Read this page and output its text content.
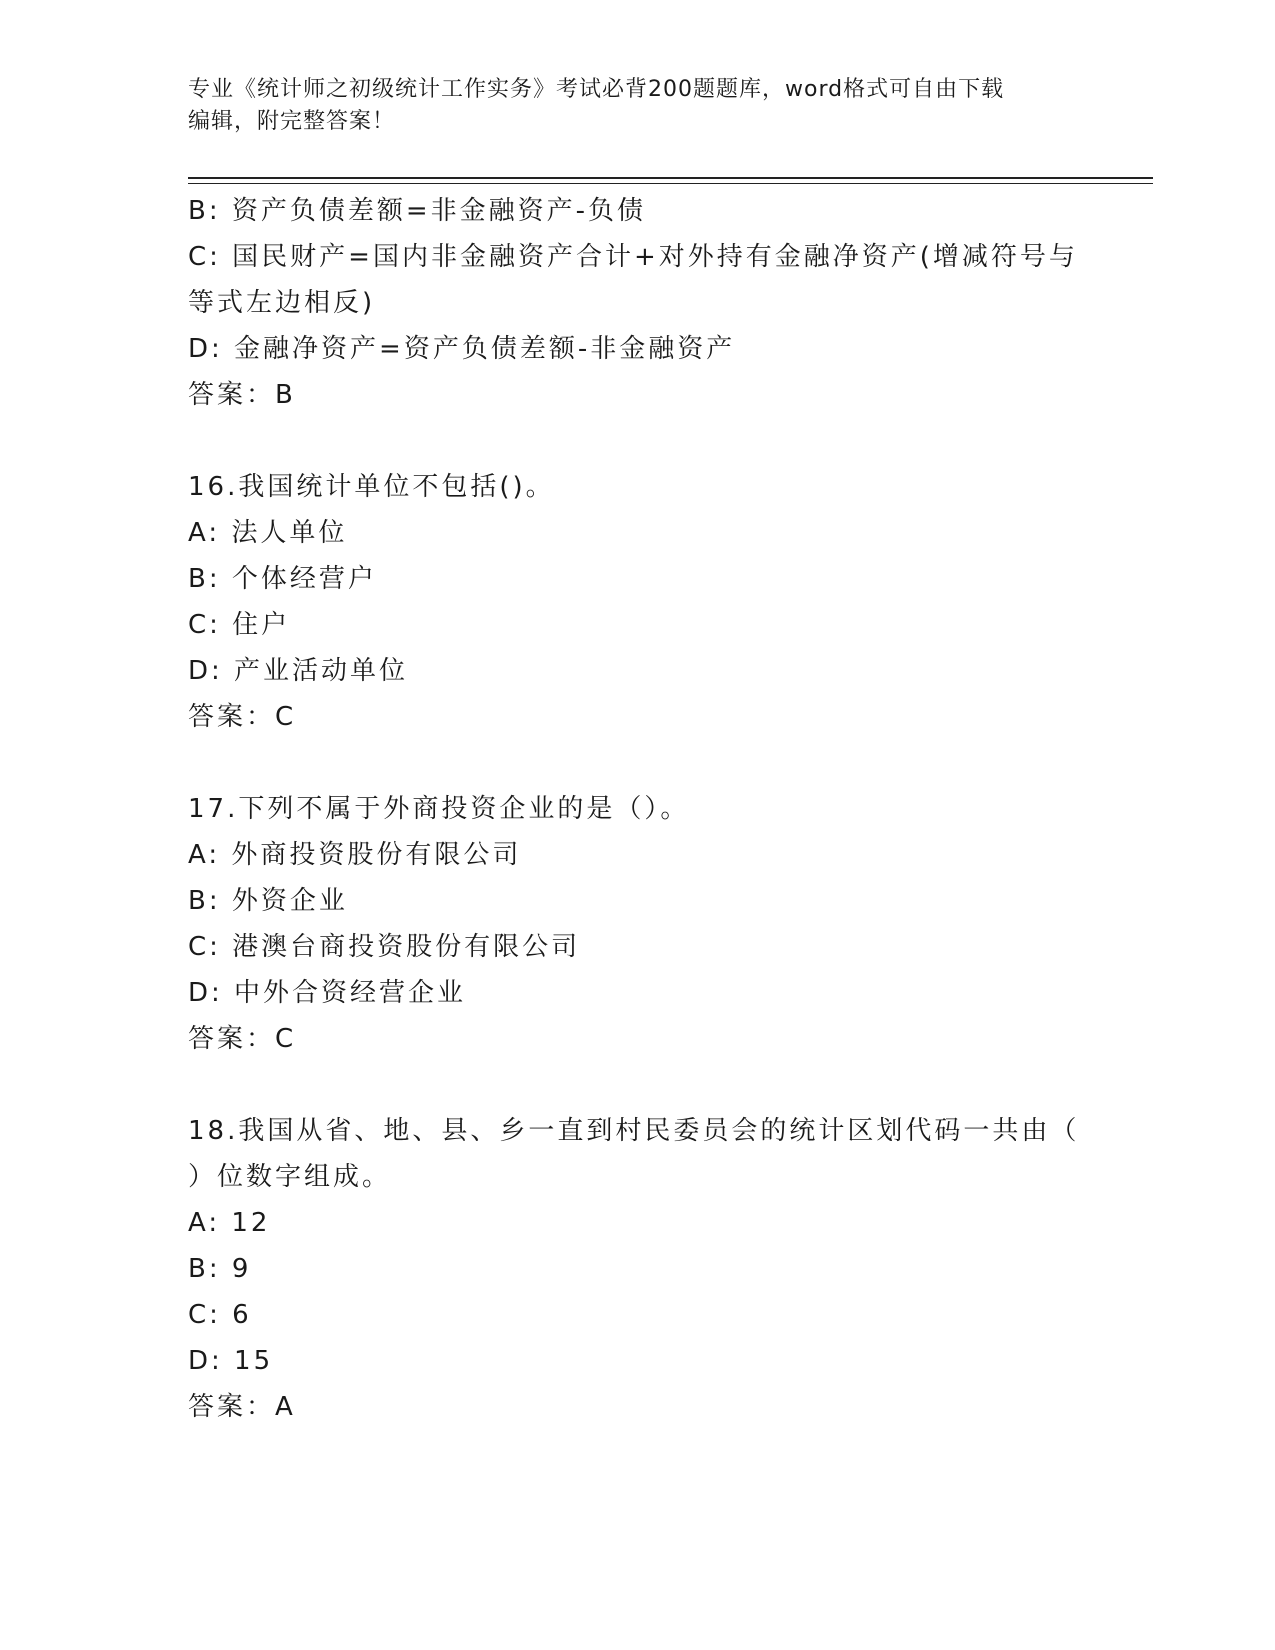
专业《统计师之初级统计工作实务》考试必背200题题库，word格式可自由下载
编辑，附完整答案！
B: 资产负债差额=非金融资产-负债
C: 国民财产=国内非金融资产合计+对外持有金融净资产(增减符号与
等式左边相反)
D: 金融净资产=资产负债差额-非金融资产
答案：B
16.我国统计单位不包括()。
A: 法人单位
B: 个体经营户
C: 住户
D: 产业活动单位
答案：C
17.下列不属于外商投资企业的是（）。
A: 外商投资股份有限公司
B: 外资企业
C: 港澳台商投资股份有限公司
D: 中外合资经营企业
答案：C
18.我国从省、地、县、乡一直到村民委员会的统计区划代码一共由（
）位数字组成。
A: 12
B: 9
C: 6
D: 15
答案：A
